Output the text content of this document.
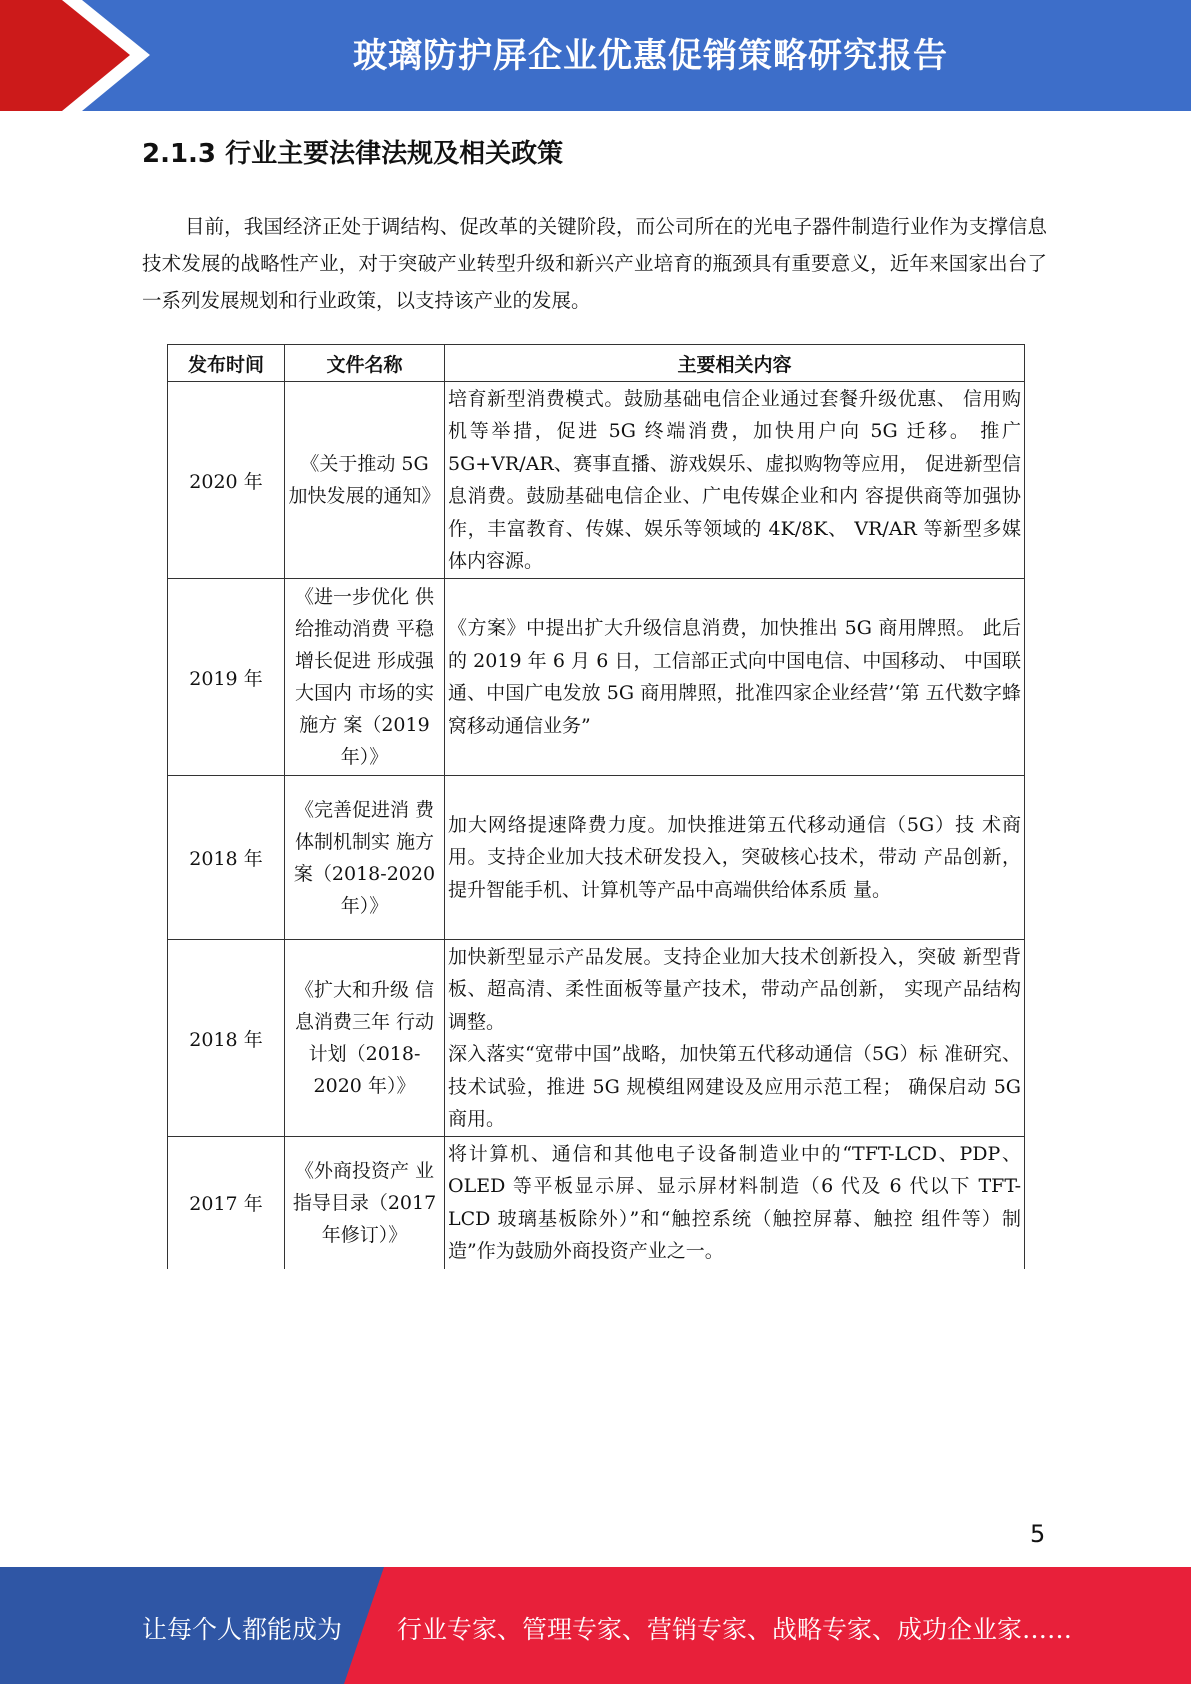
玻璃防护屏企业优惠促销策略研究报告
2.1.3 行业主要法律法规及相关政策

目前，我国经济正处于调结构、促改革的关键阶段，而公司所在的光电子器件制造行业作为支撑信息技术发展的战略性产业，对于突破产业转型升级和新兴产业培育的瓶颈具有重要意义，近年来国家出台了一系列发展规划和行业政策，以支持该产业的发展。

发布时间	文件名称	主要相关内容
2020 年	《关于推动 5G 加快发展的通知》	培育新型消费模式。鼓励基础电信企业通过套餐升级优惠、 信用购机等举措，促进 5G 终端消费，加快用户向 5G 迁移。 推广5G+VR/AR、赛事直播、游戏娱乐、虚拟购物等应用， 促进新型信息消费。鼓励基础电信企业、广电传媒企业和内 容提供商等加强协作，丰富教育、传媒、娱乐等领域的 4K/8K、 VR/AR 等新型多媒体内容源。
2019 年	《进一步优化 供给推动消费 平稳增长促进 形成强大国内 市场的实施方 案（2019 年）》	《方案》中提出扩大升级信息消费，加快推出 5G 商用牌照。 此后的 2019 年 6 月 6 日，工信部正式向中国电信、中国移动、 中国联通、中国广电发放 5G 商用牌照，批准四家企业经营’‘第 五代数字蜂窝移动通信业务”
2018 年	《完善促进消 费体制机制实 施方案（2018-2020 年）》	加大网络提速降费力度。加快推进第五代移动通信（5G）技 术商用。支持企业加大技术研发投入，突破核心技术，带动 产品创新，提升智能手机、计算机等产品中高端供给体系质 量。
2018 年	《扩大和升级 信息消费三年 行动计划（2018-2020 年）》	加快新型显示产品发展。支持企业加大技术创新投入，突破 新型背板、超高清、柔性面板等量产技术，带动产品创新， 实现产品结构调整。
深入落实“宽带中国”战略，加快第五代移动通信（5G）标 准研究、技术试验，推进 5G 规模组网建设及应用示范工程； 确保启动 5G 商用。

2017 年	《外商投资产 业指导目录（2017 年修订）》	将计算机、通信和其他电子设备制造业中的“TFT-LCD、PDP、OLED 等平板显示屏、显示屏材料制造（6 代及 6 代以下 TFT-LCD 玻璃基板除外）”和“触控系统（触控屏幕、触控 组件等）制造”作为鼓励外商投资产业之一。
5
让每个人都能成为 行业专家、管理专家、营销专家、战略专家、成功企业家……
